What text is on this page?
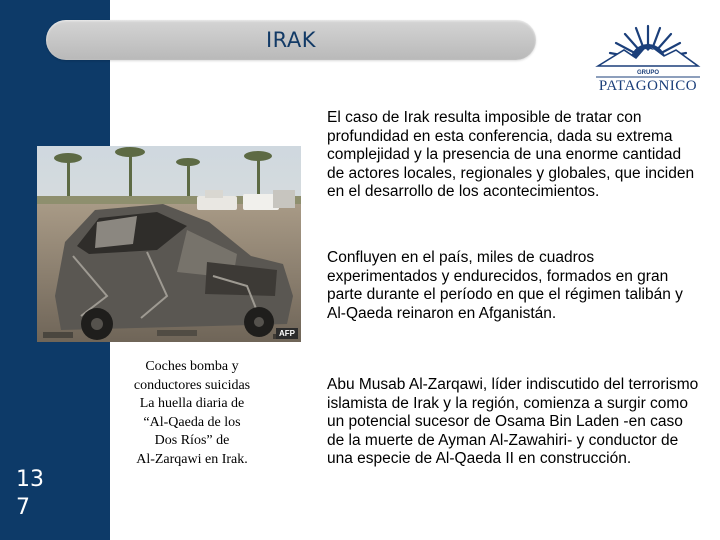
13 7
IRAK
GRUPO
PATAGONICO
AFP
Coches bomba y
conductores suicidas
La huella diaria de
“Al-Qaeda de los
Dos Ríos” de
Al-Zarqawi en Irak.

El caso de Irak resulta imposible de tratar con profundidad en esta conferencia, dada su extrema complejidad y la presencia de una enorme cantidad de actores locales, regionales y globales, que inciden en el desarrollo de los acontecimientos.

Confluyen en el país, miles de cuadros experimentados y endurecidos, formados en gran parte durante el período en que el régimen talibán y Al-Qaeda reinaron en Afganistán.

Abu Musab Al-Zarqawi, líder indiscutido del terrorismo islamista de Irak y la región, comienza a surgir como un potencial sucesor de Osama Bin Laden -en caso de la muerte de Ayman Al-Zawahiri- y conductor de una especie de Al-Qaeda II en construcción.
